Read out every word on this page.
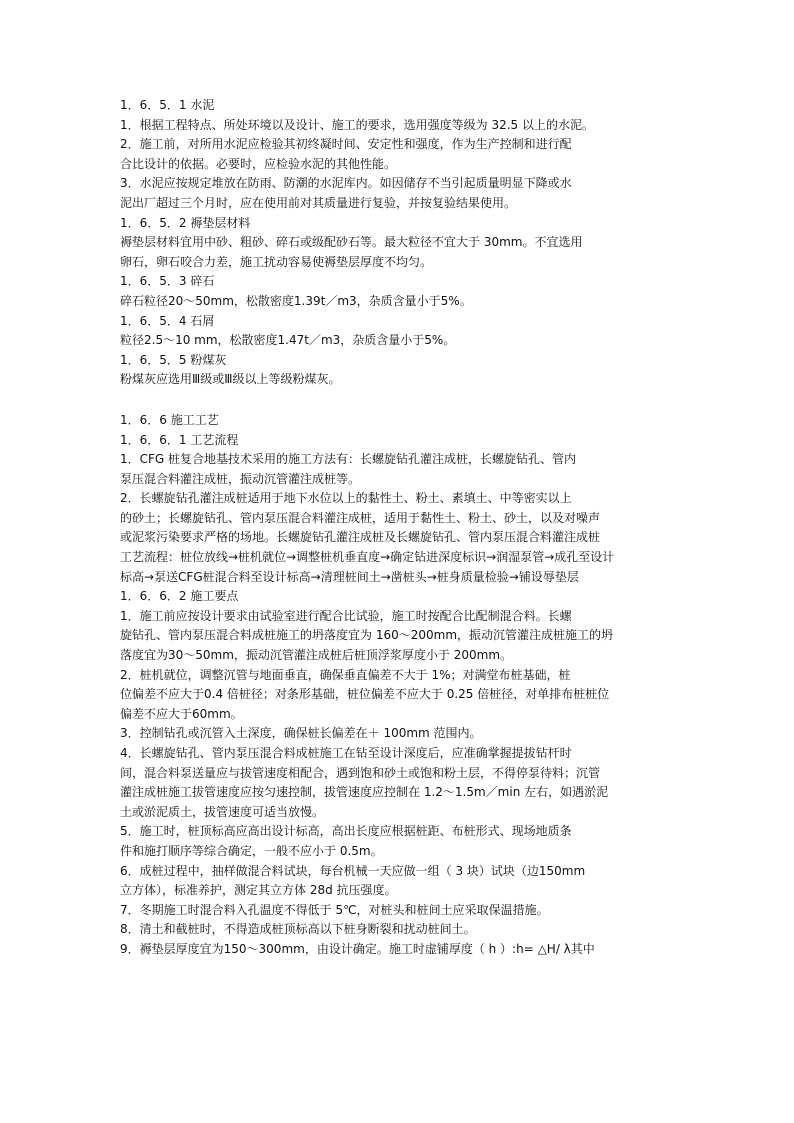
1．6．5．1 水泥
1．根据工程特点、所处环境以及设计、施工的要求，选用强度等级为 32.5 以上的水泥。
2．施工前，对所用水泥应检验其初终凝时间、安定性和强度，作为生产控制和进行配
合比设计的依据。必要时，应检验水泥的其他性能。
3．水泥应按规定堆放在防雨、防潮的水泥库内。如因储存不当引起质量明显下降或水
泥出厂超过三个月时，应在使用前对其质量进行复验，并按复验结果使用。
1．6．5．2 褥垫层材料
褥垫层材料宜用中砂、粗砂、碎石或级配砂石等。最大粒径不宜大于 30mm。不宜选用
卵石，卵石咬合力差，施工扰动容易使褥垫层厚度不均匀。
1．6．5．3 碎石
碎石粒径20～50mm，松散密度1.39t／m3，杂质含量小于5%。
1．6．5．4 石屑
粒径2.5～10 mm，松散密度1.47t／m3，杂质含量小于5%。
1．6．5．5 粉煤灰
粉煤灰应选用Ⅲ级或Ⅲ级以上等级粉煤灰。
1．6．6 施工工艺
1．6．6．1 工艺流程
1．CFG 桩复合地基技术采用的施工方法有：长螺旋钻孔灌注成桩，长螺旋钻孔、管内
泵压混合料灌注成桩，振动沉管灌注成桩等。
2．长螺旋钻孔灌注成桩适用于地下水位以上的黏性土、粉土、素填土、中等密实以上
的砂土；长螺旋钻孔、管内泵压混合料灌注成桩，适用于黏性土、粉土、砂土，以及对噪声
或泥浆污染要求严格的场地。长螺旋钻孔灌注成桩及长螺旋钻孔、管内泵压混合料灌注成桩
工艺流程：桩位放线→桩机就位→调整桩机垂直度→确定钻进深度标识→润湿泵管→成孔至设计
标高→泵送CFG桩混合料至设计标高→清理桩间土→凿桩头→桩身质量检验→铺设辱垫层
1．6．6．2 施工要点
1．施工前应按设计要求由试验室进行配合比试验，施工时按配合比配制混合料。长螺
旋钻孔、管内泵压混合料成桩施工的坍落度宜为 160～200mm，振动沉管灌注成桩施工的坍
落度宜为30～50mm，振动沉管灌注成桩后桩顶浮浆厚度小于 200mm。
2．桩机就位，调整沉管与地面垂直，确保垂直偏差不大于 1%；对满堂布桩基础，桩
位偏差不应大于0.4 倍桩径；对条形基础，桩位偏差不应大于 0.25 倍桩径，对单排布桩桩位
偏差不应大于60mm。
3．控制钻孔或沉管入土深度，确保桩长偏差在＋ 100mm 范围内。
4．长螺旋钻孔、管内泵压混合料成桩施工在钻至设计深度后，应准确掌握提拔钻杆时
间，混合料泵送量应与拔管速度相配合，遇到饱和砂土或饱和粉土层，不得停泵待料；沉管
灌注成桩施工拔管速度应按匀速控制，拔管速度应控制在 1.2～1.5m／min 左右，如遇淤泥
土或淤泥质土，拔管速度可适当放慢。
5．施工时，桩顶标高应高出设计标高，高出长度应根据桩距、布桩形式、现场地质条
件和施打顺序等综合确定，一般不应小于 0.5m。
6．成桩过程中，抽样做混合料试块，每台机械一天应做一组（ 3 块）试块（边150mm
立方体），标准养护，测定其立方体 28d 抗压强度。
7．冬期施工时混合料入孔温度不得低于 5℃，对桩头和桩间土应采取保温措施。
8．清土和截桩时，不得造成桩顶标高以下桩身断裂和扰动桩间土。
9．褥垫层厚度宜为150～300mm，由设计确定。施工时虚铺厚度（ h ）:h= △H/ λ其中
